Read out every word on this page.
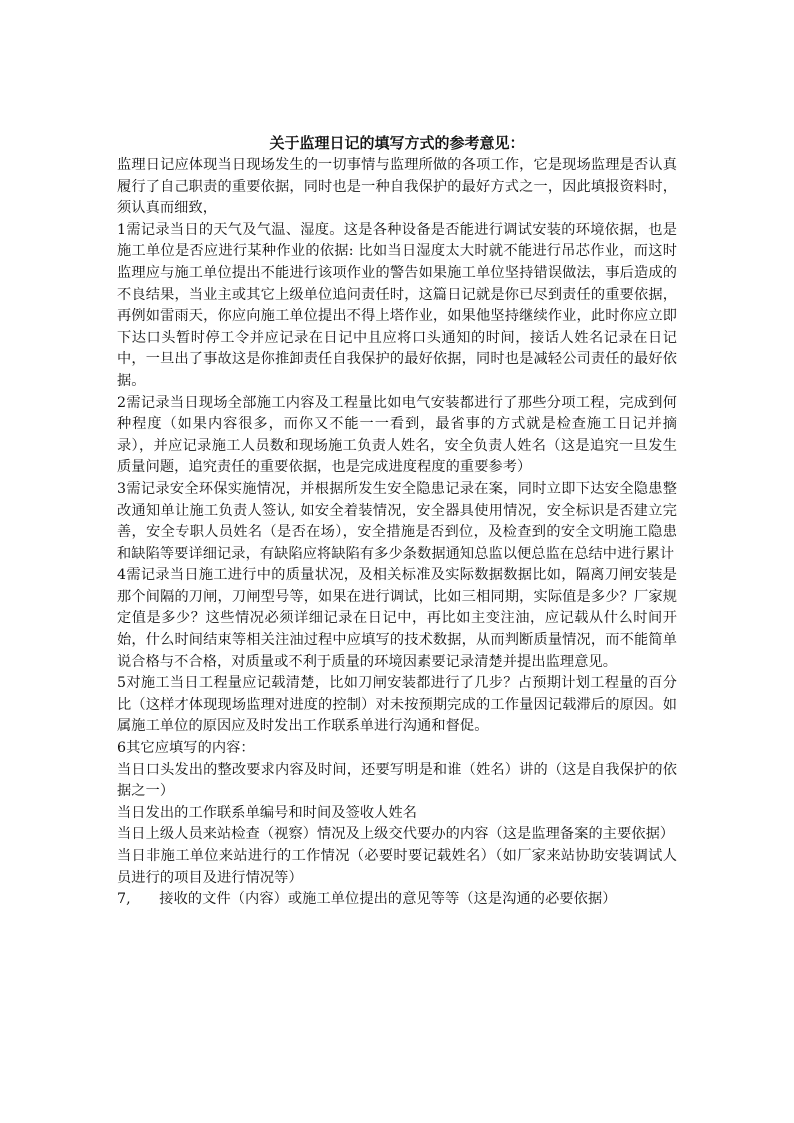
关于监理日记的填写方式的参考意见：

监理日记应体现当日现场发生的一切事情与监理所做的各项工作，它是现场监理是否认真履行了自己职责的重要依据，同时也是一种自我保护的最好方式之一，因此填报资料时，须认真而细致，

1需记录当日的天气及气温、湿度。这是各种设备是否能进行调试安装的环境依据，也是施工单位是否应进行某种作业的依据: 比如当日湿度太大时就不能进行吊芯作业，而这时监理应与施工单位提出不能进行该项作业的警告如果施工单位坚持错误做法，事后造成的不良结果，当业主或其它上级单位追问责任时，这篇日记就是你已尽到责任的重要依据，再例如雷雨天，你应向施工单位提出不得上塔作业，如果他坚持继续作业，此时你应立即下达口头暂时停工令并应记录在日记中且应将口头通知的时间，接话人姓名记录在日记中，一旦出了事故这是你推卸责任自我保护的最好依据，同时也是减轻公司责任的最好依据。

2需记录当日现场全部施工内容及工程量比如电气安装都进行了那些分项工程，完成到何种程度（如果内容很多，而你又不能一一看到，最省事的方式就是检查施工日记并摘录），并应记录施工人员数和现场施工负责人姓名，安全负责人姓名（这是追究一旦发生质量问题，追究责任的重要依据，也是完成进度程度的重要参考）

3需记录安全环保实施情况，并根据所发生安全隐患记录在案，同时立即下达安全隐患整改通知单让施工负责人签认, 如安全着装情况，安全器具使用情况，安全标识是否建立完善，安全专职人员姓名（是否在场），安全措施是否到位，及检查到的安全文明施工隐患和缺陷等要详细记录，有缺陷应将缺陷有多少条数据通知总监以便总监在总结中进行累计

4需记录当日施工进行中的质量状况，及相关标准及实际数据数据比如，隔离刀闸安装是那个间隔的刀闸，刀闸型号等，如果在进行调试，比如三相同期，实际值是多少？厂家规定值是多少？这些情况必须详细记录在日记中，再比如主变注油，应记载从什么时间开始，什么时间结束等相关注油过程中应填写的技术数据，从而判断质量情况，而不能简单说合格与不合格，对质量或不利于质量的环境因素要记录清楚并提出监理意见。

5对施工当日工程量应记载清楚，比如刀闸安装都进行了几步？占预期计划工程量的百分比（这样才体现现场监理对进度的控制）对未按预期完成的工作量因记载滞后的原因。如属施工单位的原因应及时发出工作联系单进行沟通和督促。

6其它应填写的内容：

当日口头发出的整改要求内容及时间，还要写明是和谁（姓名）讲的（这是自我保护的依据之一）

当日发出的工作联系单编号和时间及签收人姓名

当日上级人员来站检查（视察）情况及上级交代要办的内容（这是监理备案的主要依据）

当日非施工单位来站进行的工作情况（必要时要记载姓名）（如厂家来站协助安装调试人员进行的项目及进行情况等）

7,　　接收的文件（内容）或施工单位提出的意见等等（这是沟通的必要依据）
